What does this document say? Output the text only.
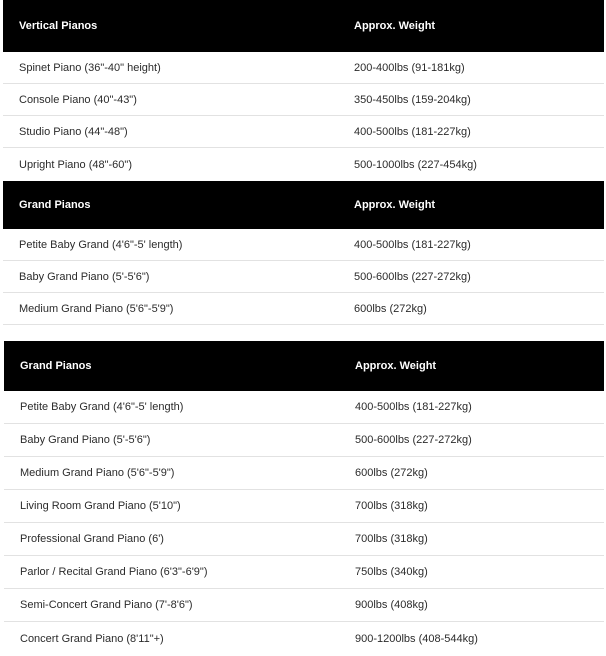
Vertical Pianos	Approx. Weight
Spinet Piano (36"-40" height)	200-400lbs (91-181kg)
Console Piano (40"-43")	350-450lbs (159-204kg)
Studio Piano (44"-48")	400-500lbs (181-227kg)
Upright Piano (48"-60")	500-1000lbs (227-454kg)
Grand Pianos	Approx. Weight
Petite Baby Grand (4'6"-5' length)	400-500lbs (181-227kg)
Baby Grand Piano (5'-5'6")	500-600lbs (227-272kg)
Medium Grand Piano (5'6"-5'9")	600lbs (272kg)
Grand Pianos	Approx. Weight
Petite Baby Grand (4'6"-5' length)	400-500lbs (181-227kg)
Baby Grand Piano (5'-5'6")	500-600lbs (227-272kg)
Medium Grand Piano (5'6"-5'9")	600lbs (272kg)
Living Room Grand Piano (5'10")	700lbs (318kg)
Professional Grand Piano (6')	700lbs (318kg)
Parlor / Recital Grand Piano (6'3"-6'9")	750lbs (340kg)
Semi-Concert Grand Piano (7'-8'6")	900lbs (408kg)
Concert Grand Piano (8'11"+)	900-1200lbs (408-544kg)
